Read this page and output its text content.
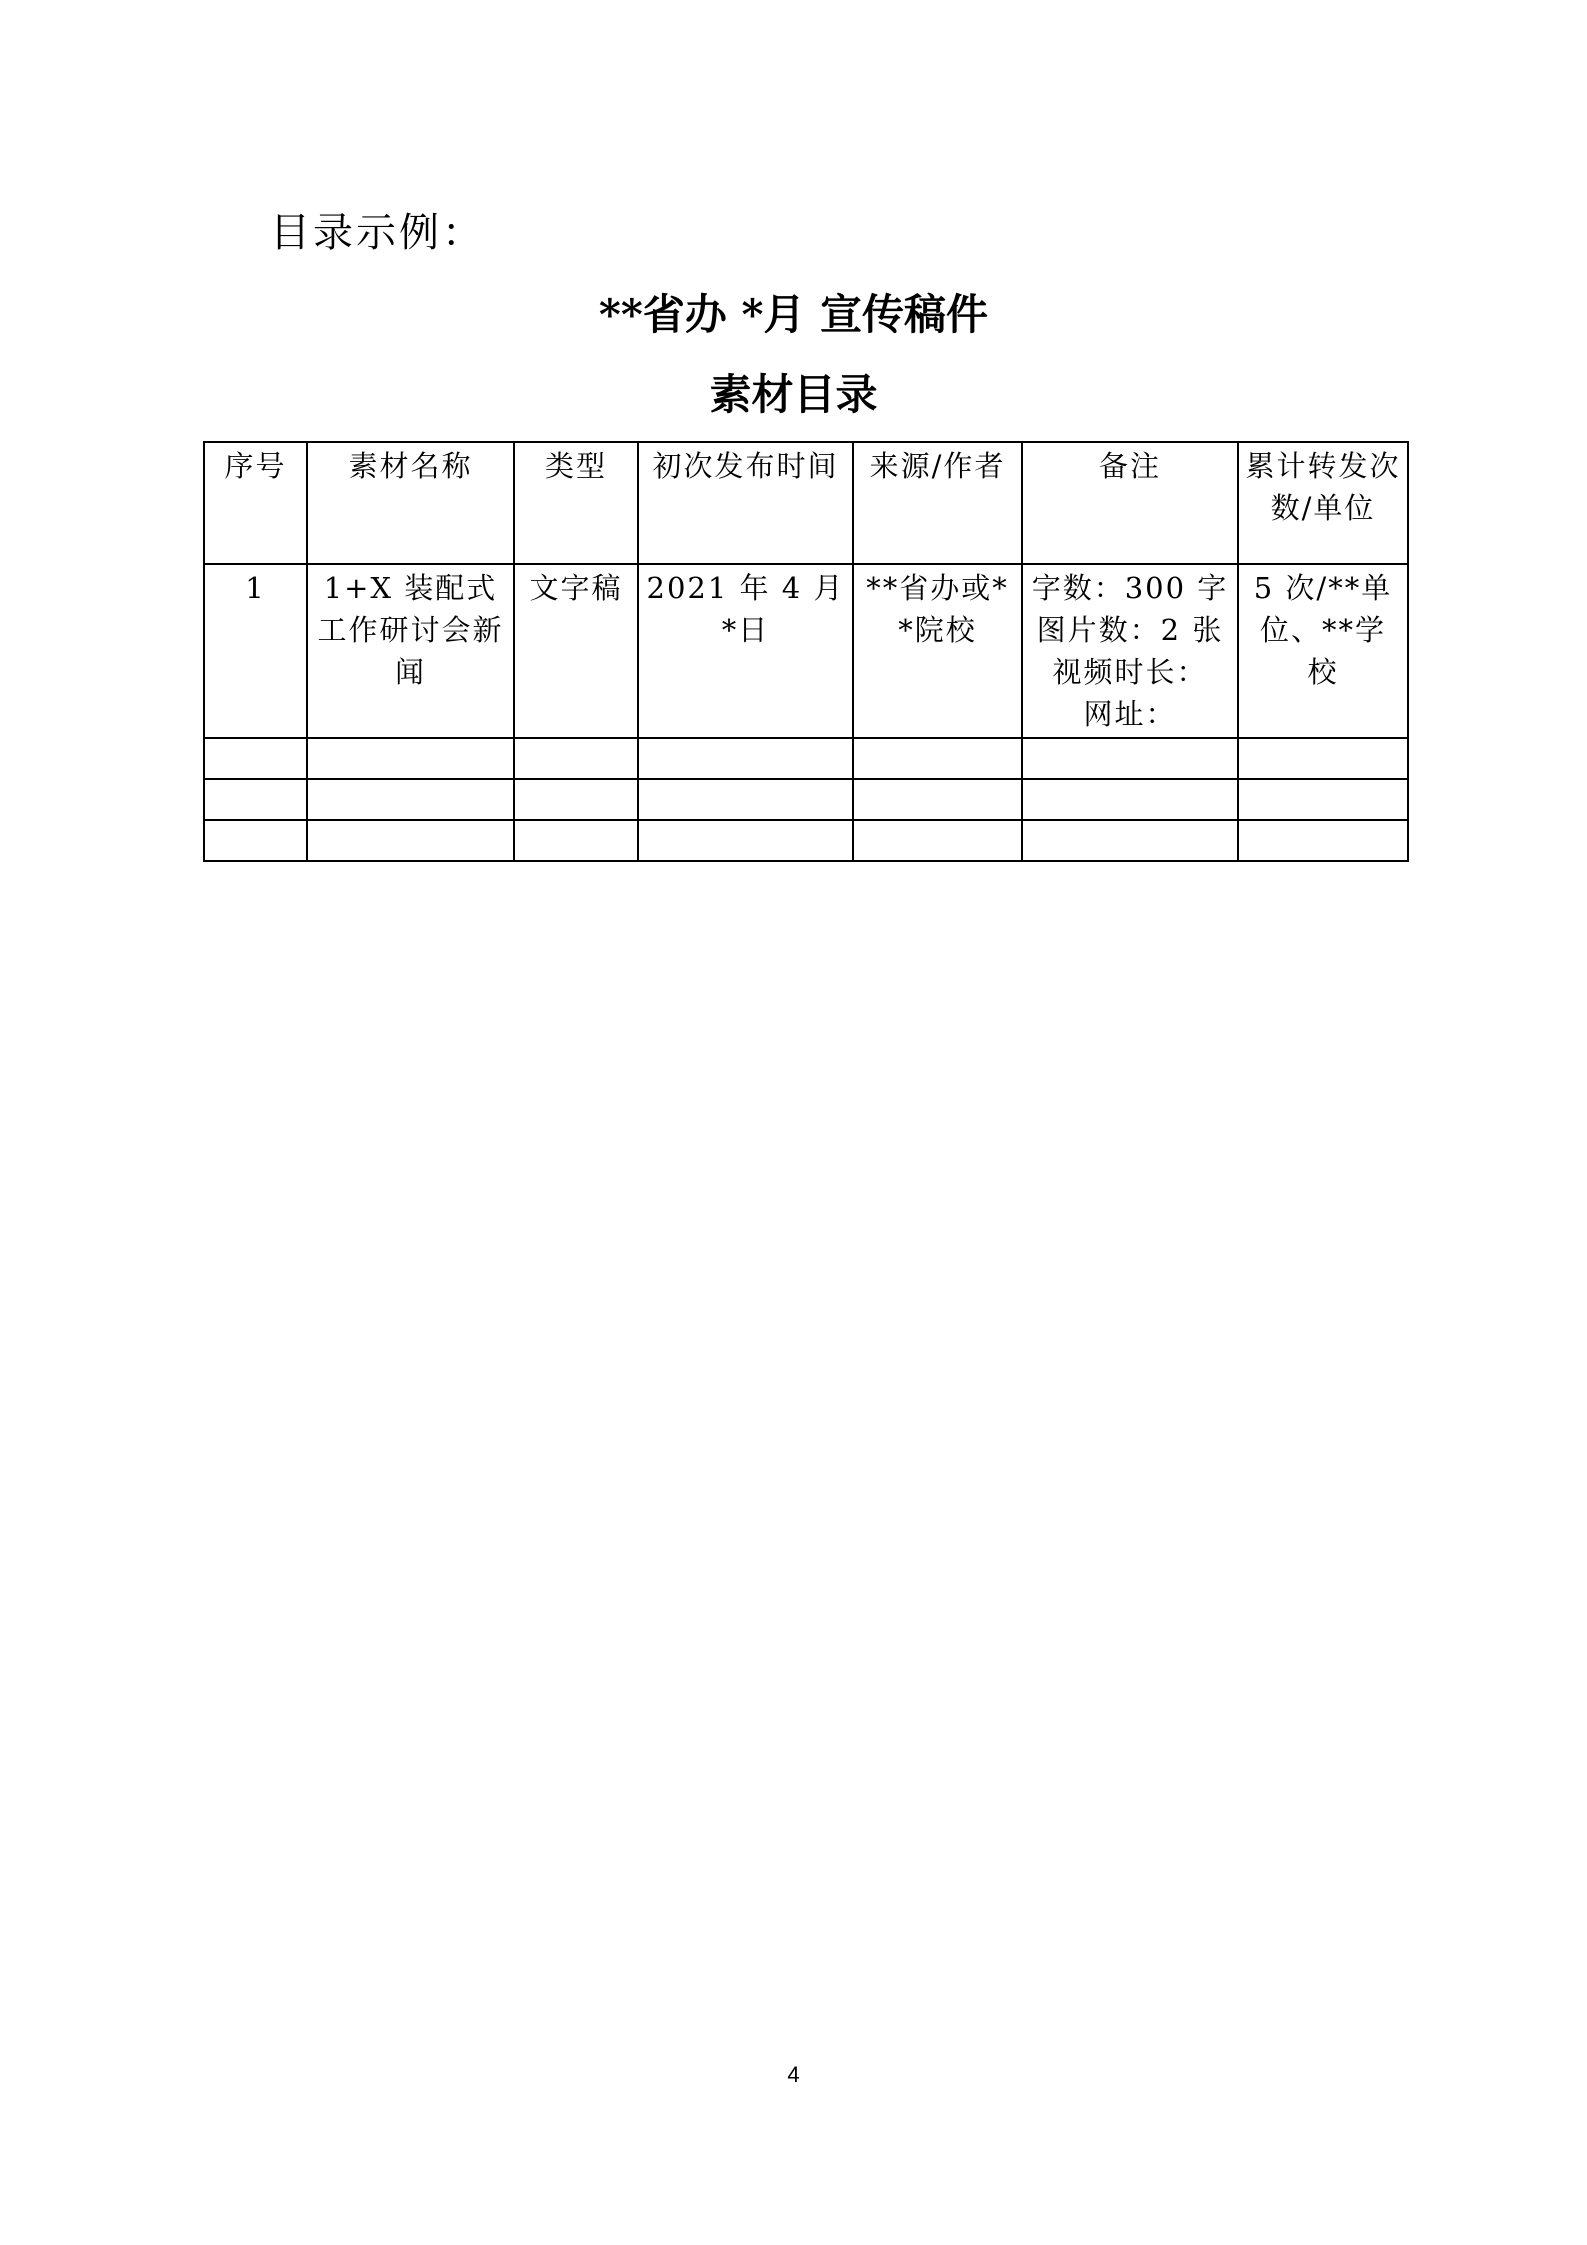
目录示例：
**省办 *月 宣传稿件
素材目录
序号	素材名称	类型	初次发布时间	来源/作者	备注	累计转发次数/单位
1	1+X 装配式工作研讨会新闻	文字稿	2021 年 4 月*日	**省办或**院校	字数：300 字
图片数：2 张
视频时长：
网址：	5 次/**单位、**学校

4
